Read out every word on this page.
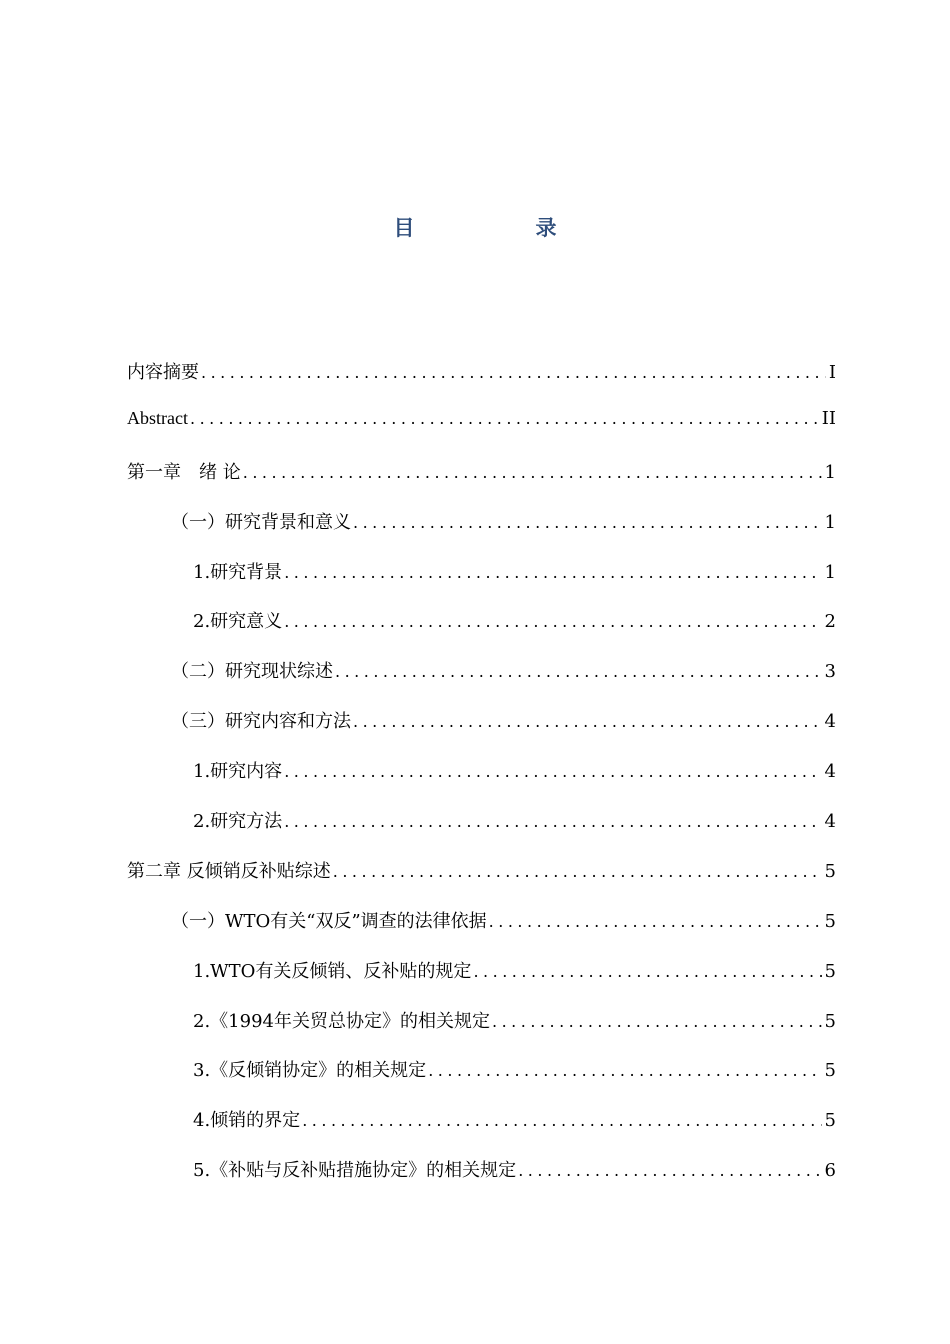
目　录
内容摘要 .....	I
Abstract .....	II
第一章　绪 论 .....	1
（一）研究背景和意义 .....	1
1.研究背景 .....	1
2.研究意义 .....	2
（二）研究现状综述 .....	3
（三）研究内容和方法 .....	4
1.研究内容 .....	4
2.研究方法 .....	4
第二章 反倾销反补贴综述 .....	5
（一）WTO有关“双反”调查的法律依据 .....	5
1.WTO有关反倾销、反补贴的规定 .....	5
2.《1994年关贸总协定》的相关规定 .....	5
3.《反倾销协定》的相关规定 .....	5
4.倾销的界定 .....	5
5.《补贴与反补贴措施协定》的相关规定 .....	6
